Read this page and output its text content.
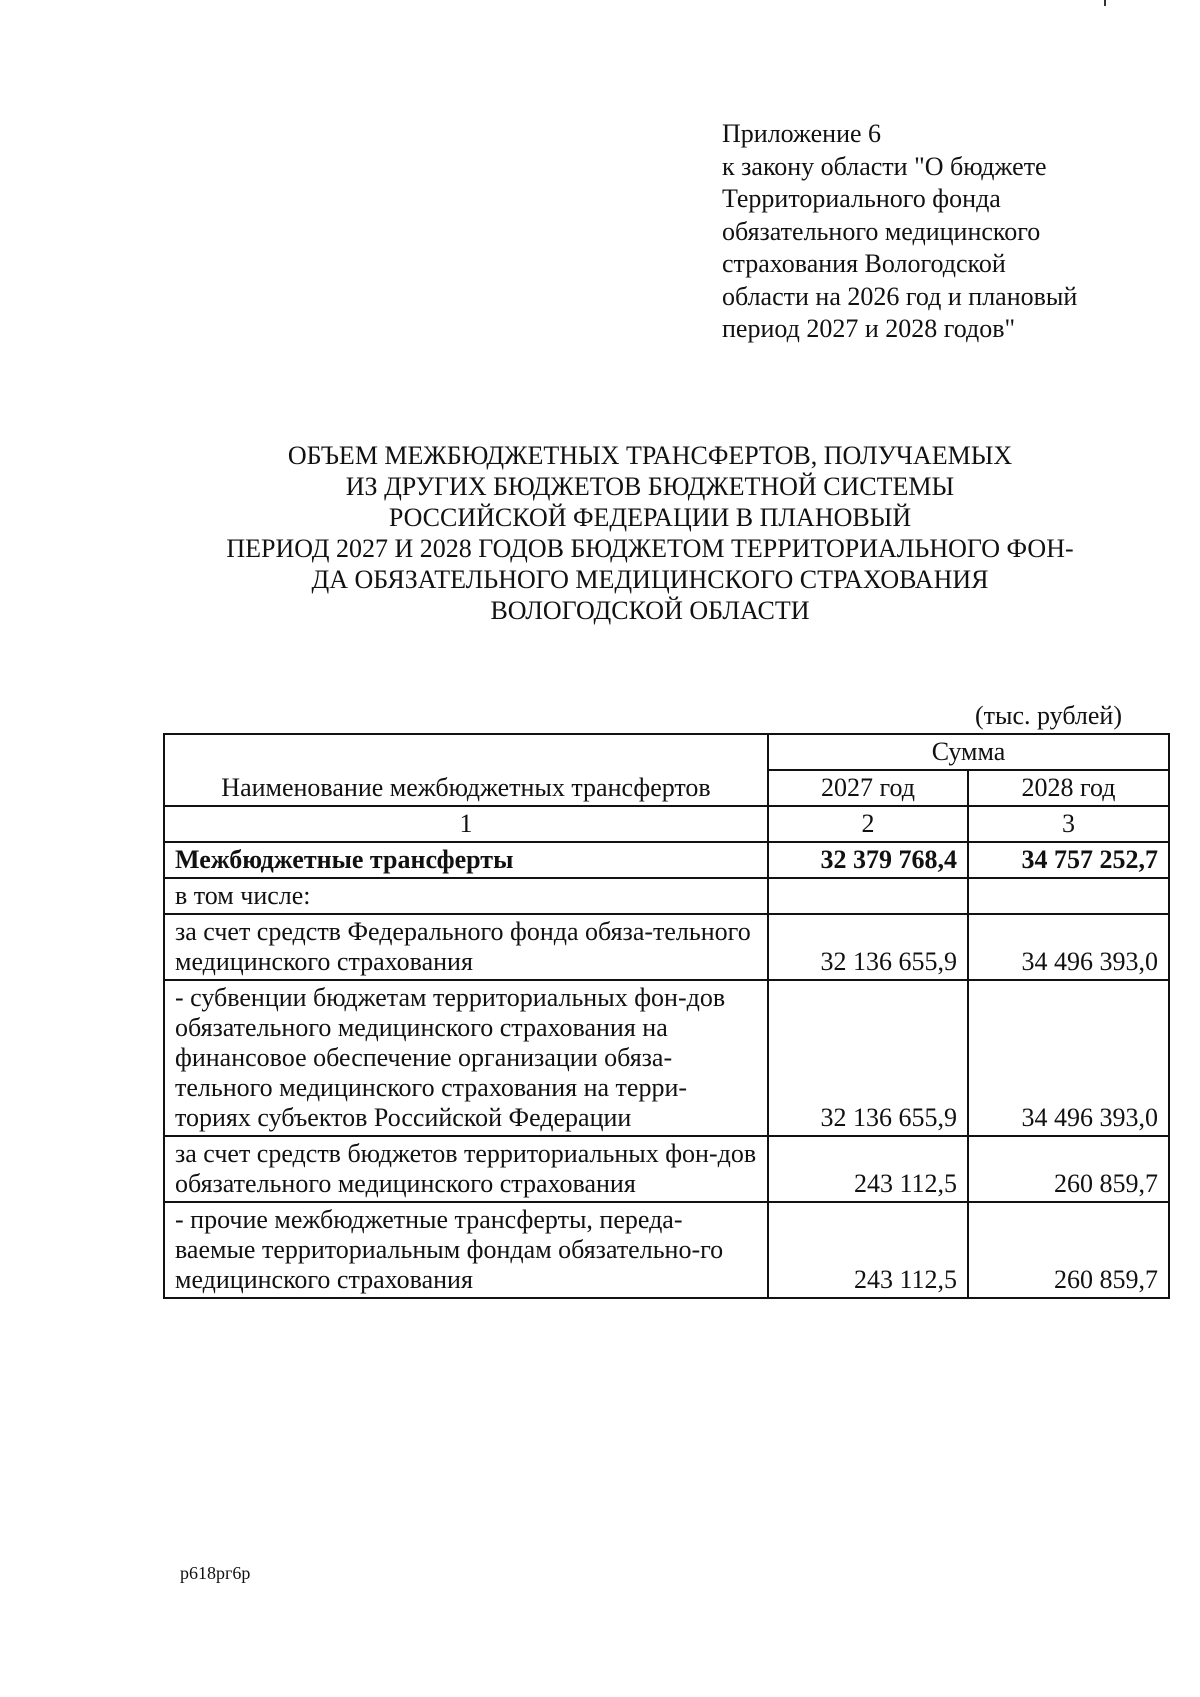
Приложение 6
к закону области "О бюджете
Территориального фонда
обязательного медицинского
страхования Вологодской
области на 2026 год и плановый
период 2027 и 2028 годов"
ОБЪЕМ МЕЖБЮДЖЕТНЫХ ТРАНСФЕРТОВ, ПОЛУЧАЕМЫХ
ИЗ ДРУГИХ БЮДЖЕТОВ БЮДЖЕТНОЙ СИСТЕМЫ
РОССИЙСКОЙ ФЕДЕРАЦИИ В ПЛАНОВЫЙ
ПЕРИОД 2027 И 2028 ГОДОВ БЮДЖЕТОМ ТЕРРИТОРИАЛЬНОГО ФОН-
ДА ОБЯЗАТЕЛЬНОГО МЕДИЦИНСКОГО СТРАХОВАНИЯ
ВОЛОГОДСКОЙ ОБЛАСТИ
(тыс. рублей)
Наименование межбюджетных трансфертов	Сумма	
	2027 год	2028 год
1	2	3
Межбюджетные трансферты	32 379 768,4	34 757 252,7
в том числе:		
за счет средств Федерального фонда обяза-тельного медицинского страхования	32 136 655,9	34 496 393,0
- субвенции бюджетам территориальных фон-дов обязательного медицинского страхования на финансовое обеспечение организации обяза-тельного медицинского страхования на терри-ториях субъектов Российской Федерации	32 136 655,9	34 496 393,0
за счет средств бюджетов территориальных фон-дов обязательного медицинского страхования	243 112,5	260 859,7
- прочие межбюджетные трансферты, переда-ваемые территориальным фондам обязательно-го медицинского страхования	243 112,5	260 859,7
р618рг6р
